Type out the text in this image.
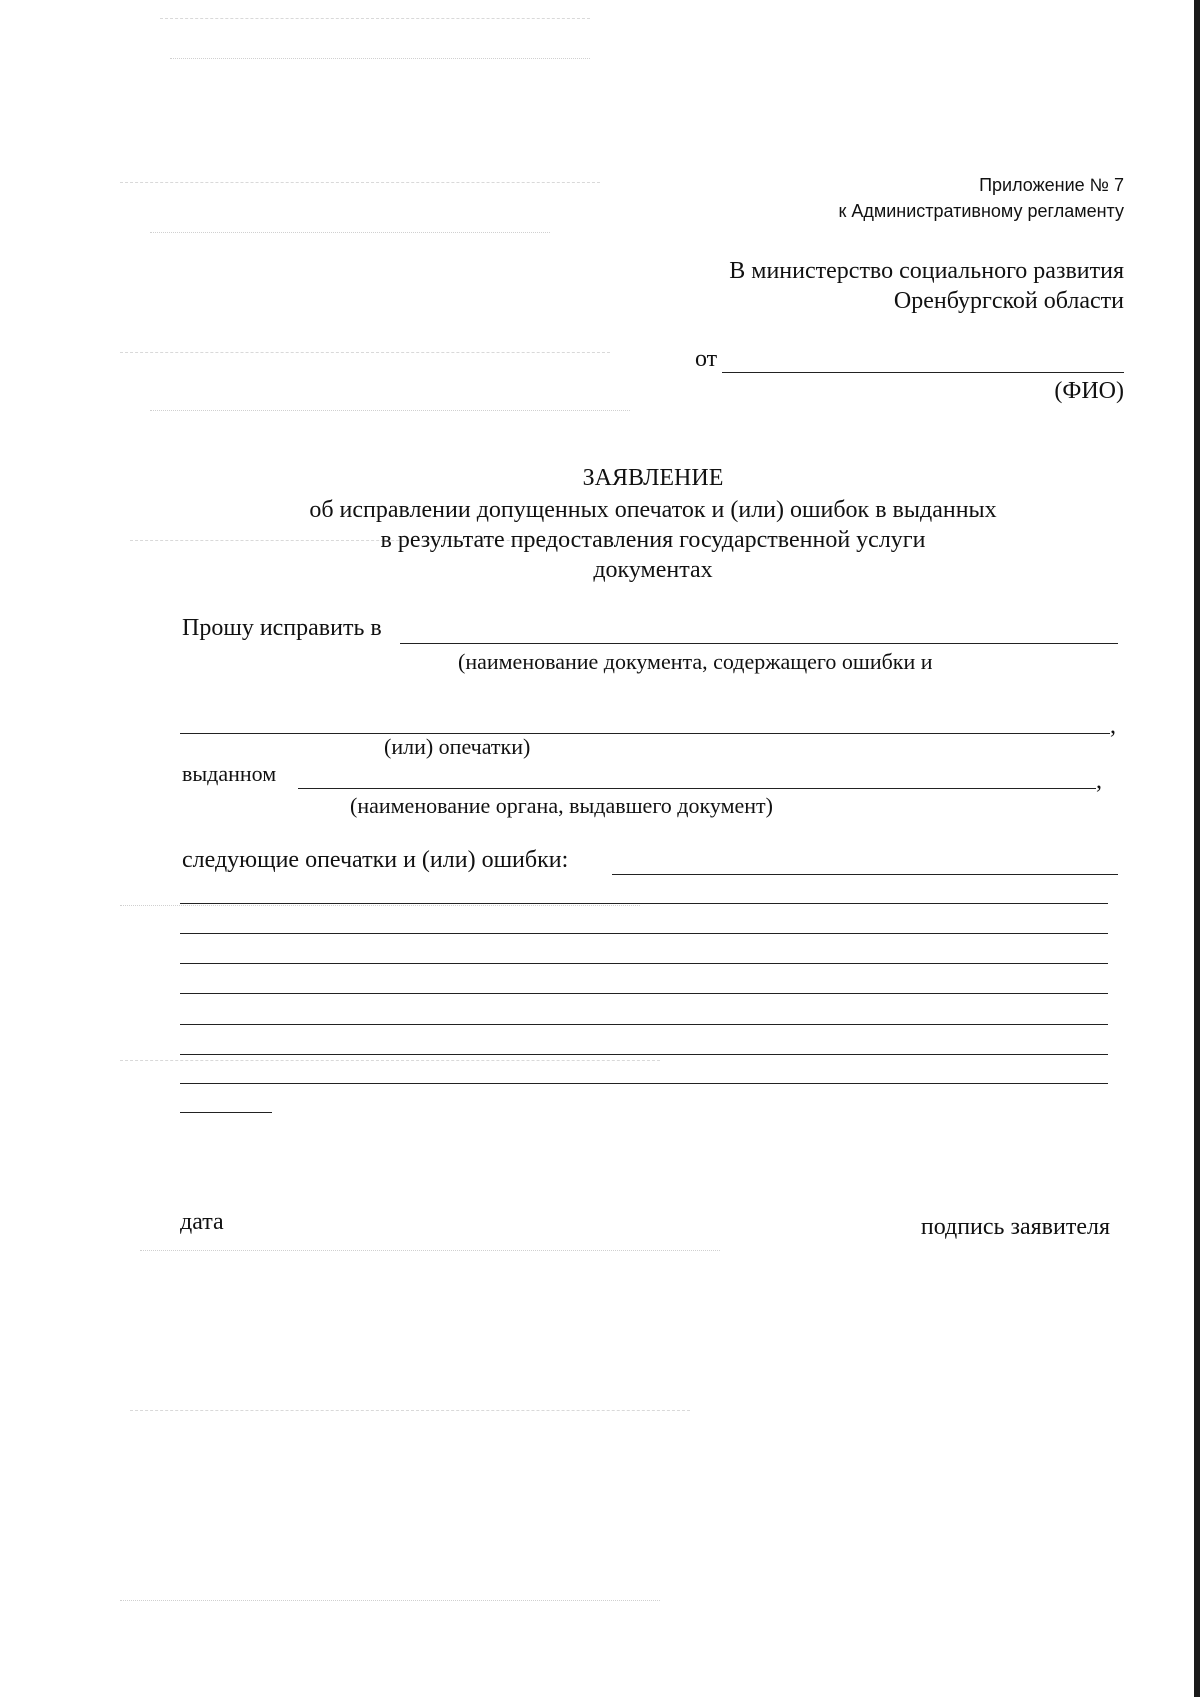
Приложение № 7
к Административному регламенту
В министерство социального развития
Оренбургской области
от
(ФИО)
ЗАЯВЛЕНИЕ
об исправлении допущенных опечаток и (или) ошибок в выданных
в результате предоставления государственной услуги
документах
Прошу исправить в
(наименование документа, содержащего ошибки и
,
(или) опечатки)
выданном	,
(наименование органа, выдавшего документ)
следующие опечатки и (или) ошибки:
дата	подпись заявителя
